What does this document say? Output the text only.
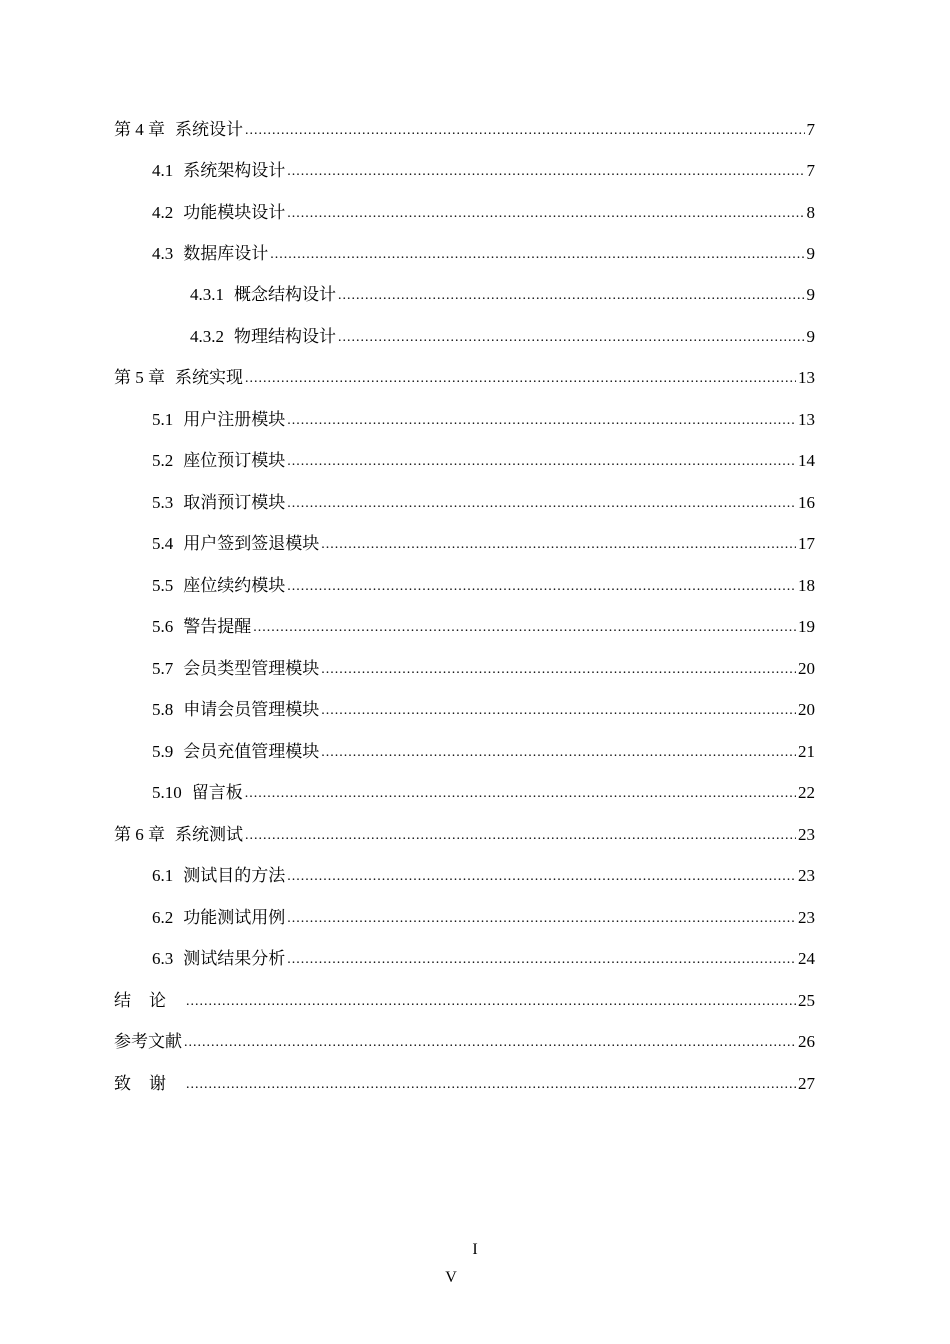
第 4 章 系统设计 .....	7
4.1 系统架构设计 .....	7
4.2 功能模块设计 .....	8
4.3 数据库设计 .....	9
4.3.1 概念结构设计 .....	9
4.3.2 物理结构设计 .....	9
第 5 章 系统实现 .....	13
5.1 用户注册模块 .....	13
5.2 座位预订模块 .....	14
5.3 取消预订模块 .....	16
5.4 用户签到签退模块 .....	17
5.5 座位续约模块 .....	18
5.6 警告提醒 .....	19
5.7 会员类型管理模块 .....	20
5.8 申请会员管理模块 .....	20
5.9 会员充值管理模块 .....	21
5.10 留言板 .....	22
第 6 章 系统测试 .....	23
6.1 测试目的方法 .....	23
6.2 功能测试用例 .....	23
6.3 测试结果分析 .....	24
结论 .....	25
参考文献 .....	26
致谢 .....	27
I
V
